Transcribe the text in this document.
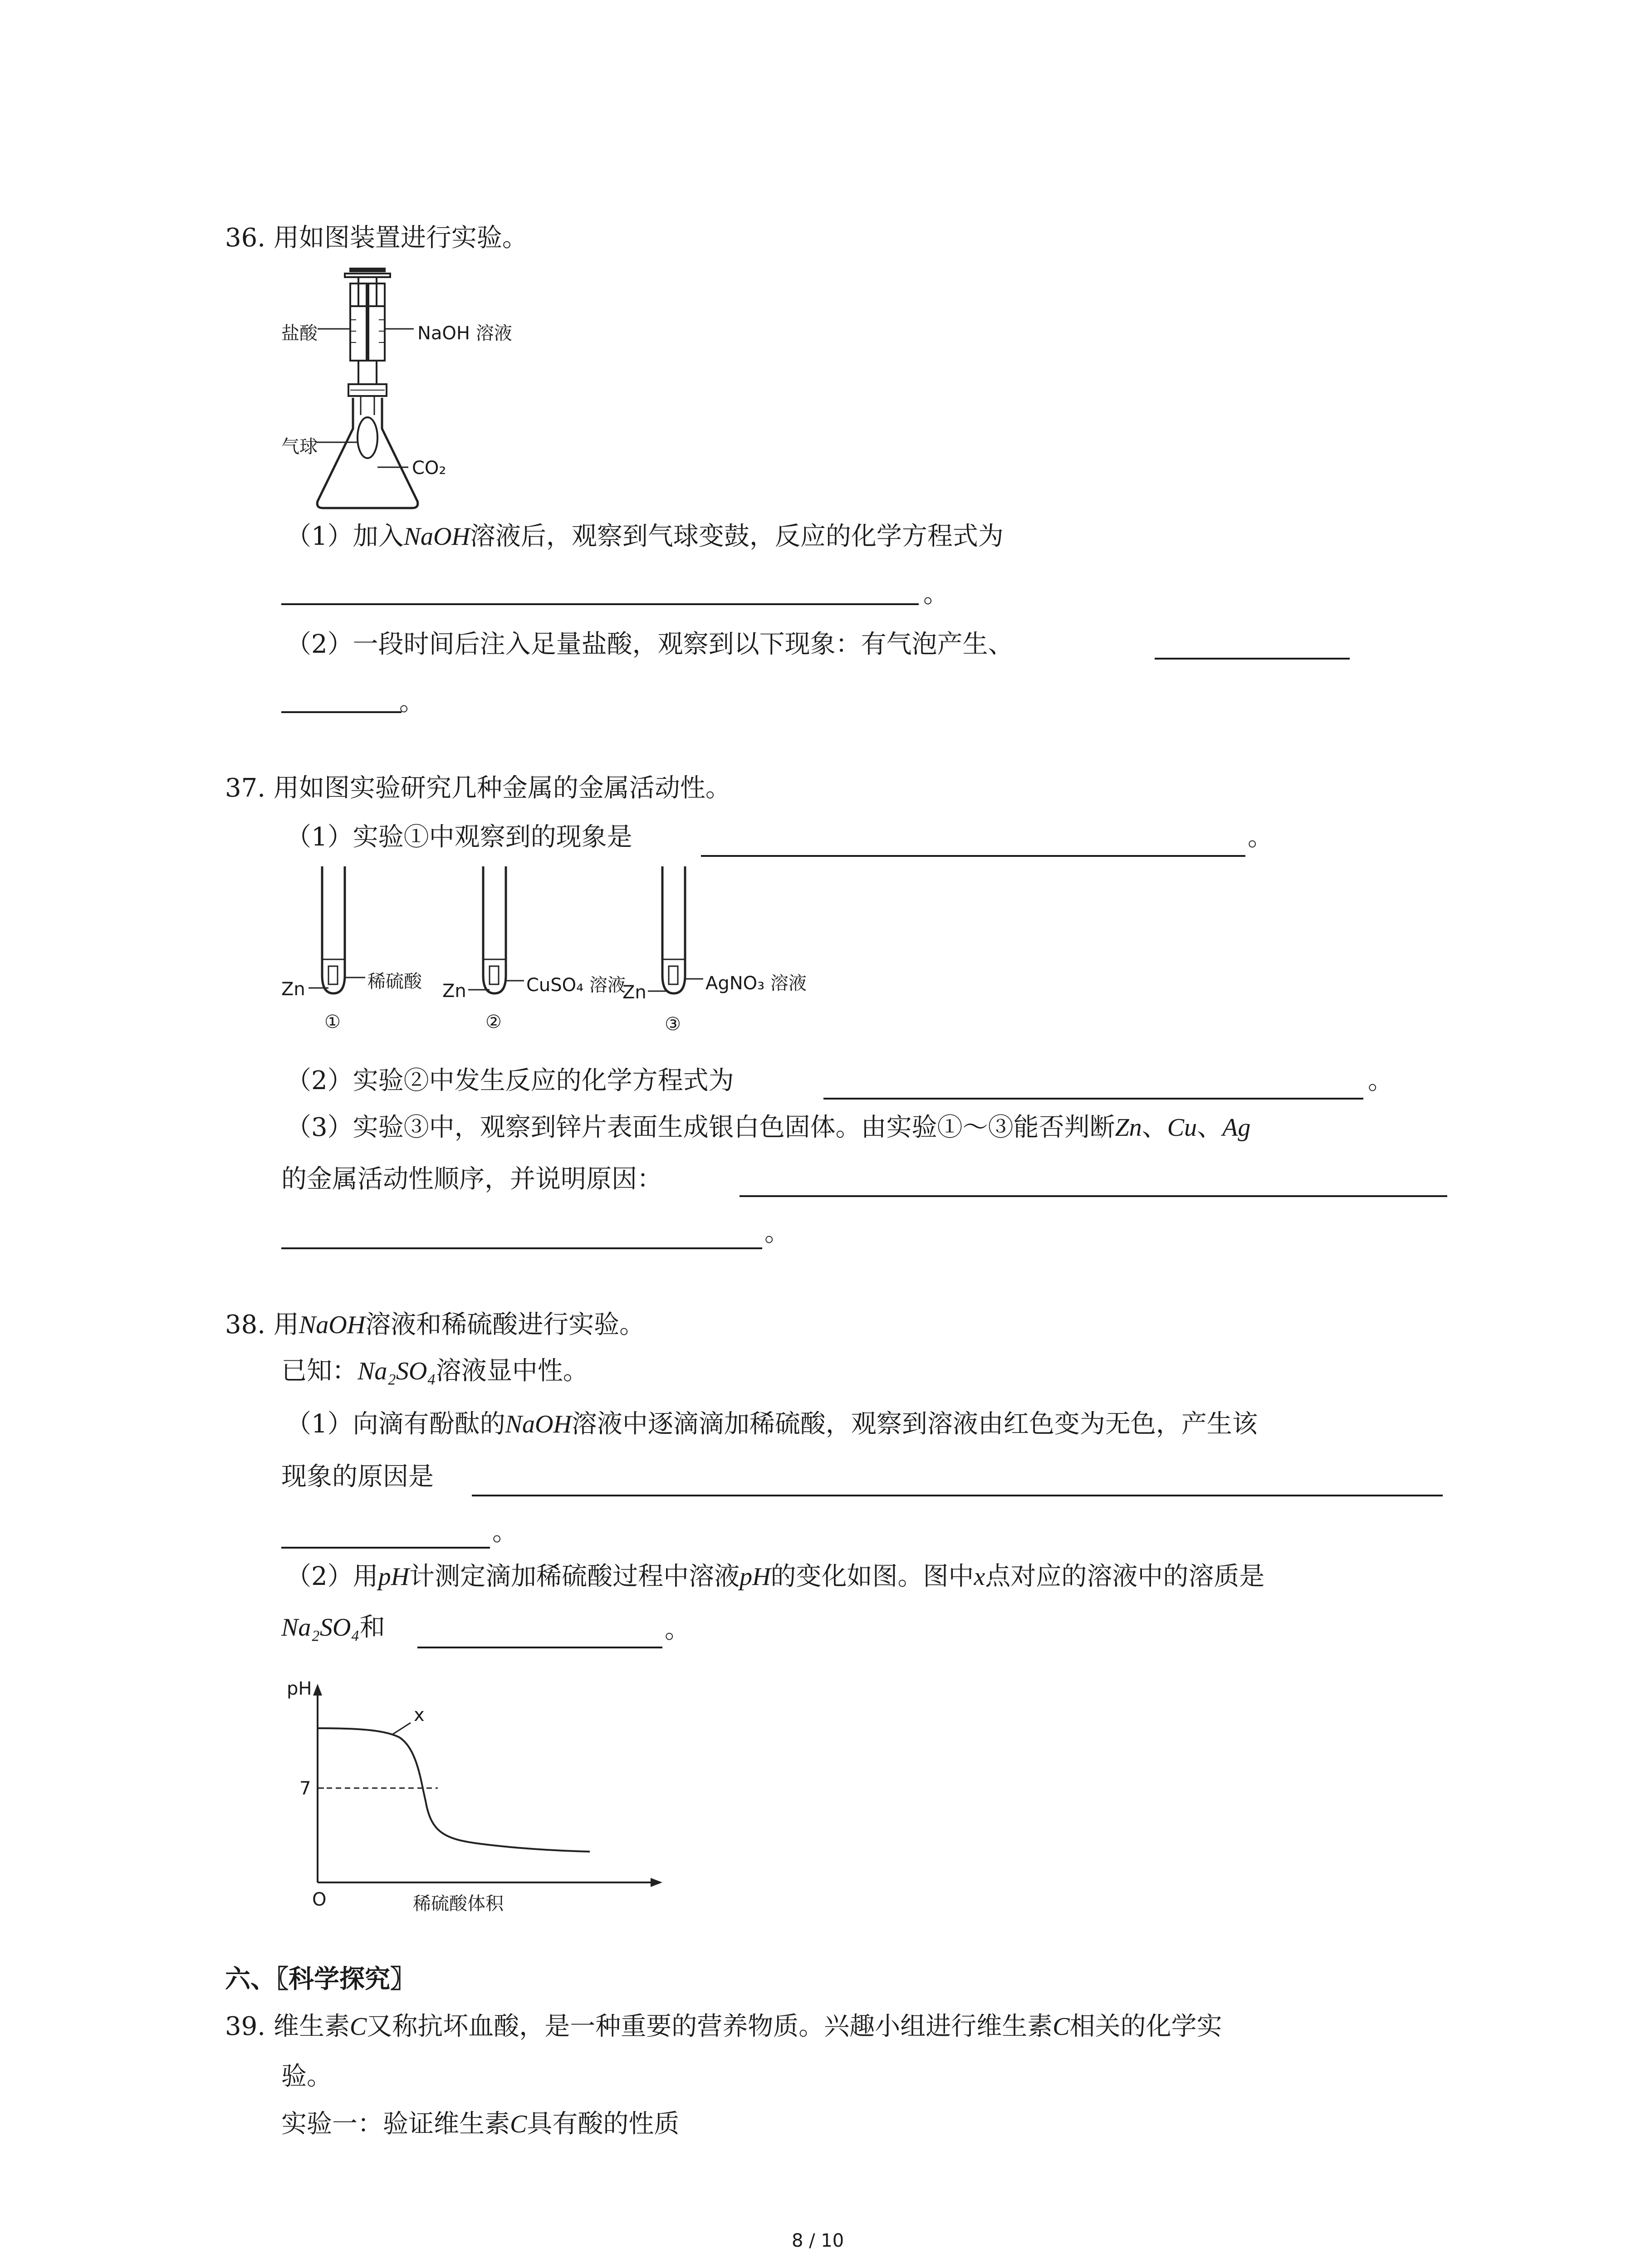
36. 用如图装置进行实验。
盐酸	NaOH 溶液
气球
CO₂
（1）加入NaOH溶液后，观察到气球变鼓，反应的化学方程式为
。
（2）一段时间后注入足量盐酸，观察到以下现象：有气泡产生、
。
37. 用如图实验研究几种金属的金属活动性。
（1）实验①中观察到的现象是	。
Zn	稀硫酸
①
Zn	CuSO₄ 溶液
②
Zn	AgNO₃ 溶液
③
（2）实验②中发生反应的化学方程式为	。
（3）实验③中，观察到锌片表面生成银白色固体。由实验①～③能否判断Zn、Cu、Ag
的金属活动性顺序，并说明原因：
。
38. 用NaOH溶液和稀硫酸进行实验。
已知：Na₂SO₄溶液显中性。
（1）向滴有酚酞的NaOH溶液中逐滴滴加稀硫酸，观察到溶液由红色变为无色，产生该
现象的原因是
。
（2）用pH计测定滴加稀硫酸过程中溶液pH的变化如图。图中x点对应的溶液中的溶质是
Na₂SO₄和	。
pH
7
x
O	稀硫酸体积
六、〖科学探究〗
39. 维生素C又称抗坏血酸，是一种重要的营养物质。兴趣小组进行维生素C相关的化学实
验。
实验一：验证维生素C具有酸的性质
8 / 10
